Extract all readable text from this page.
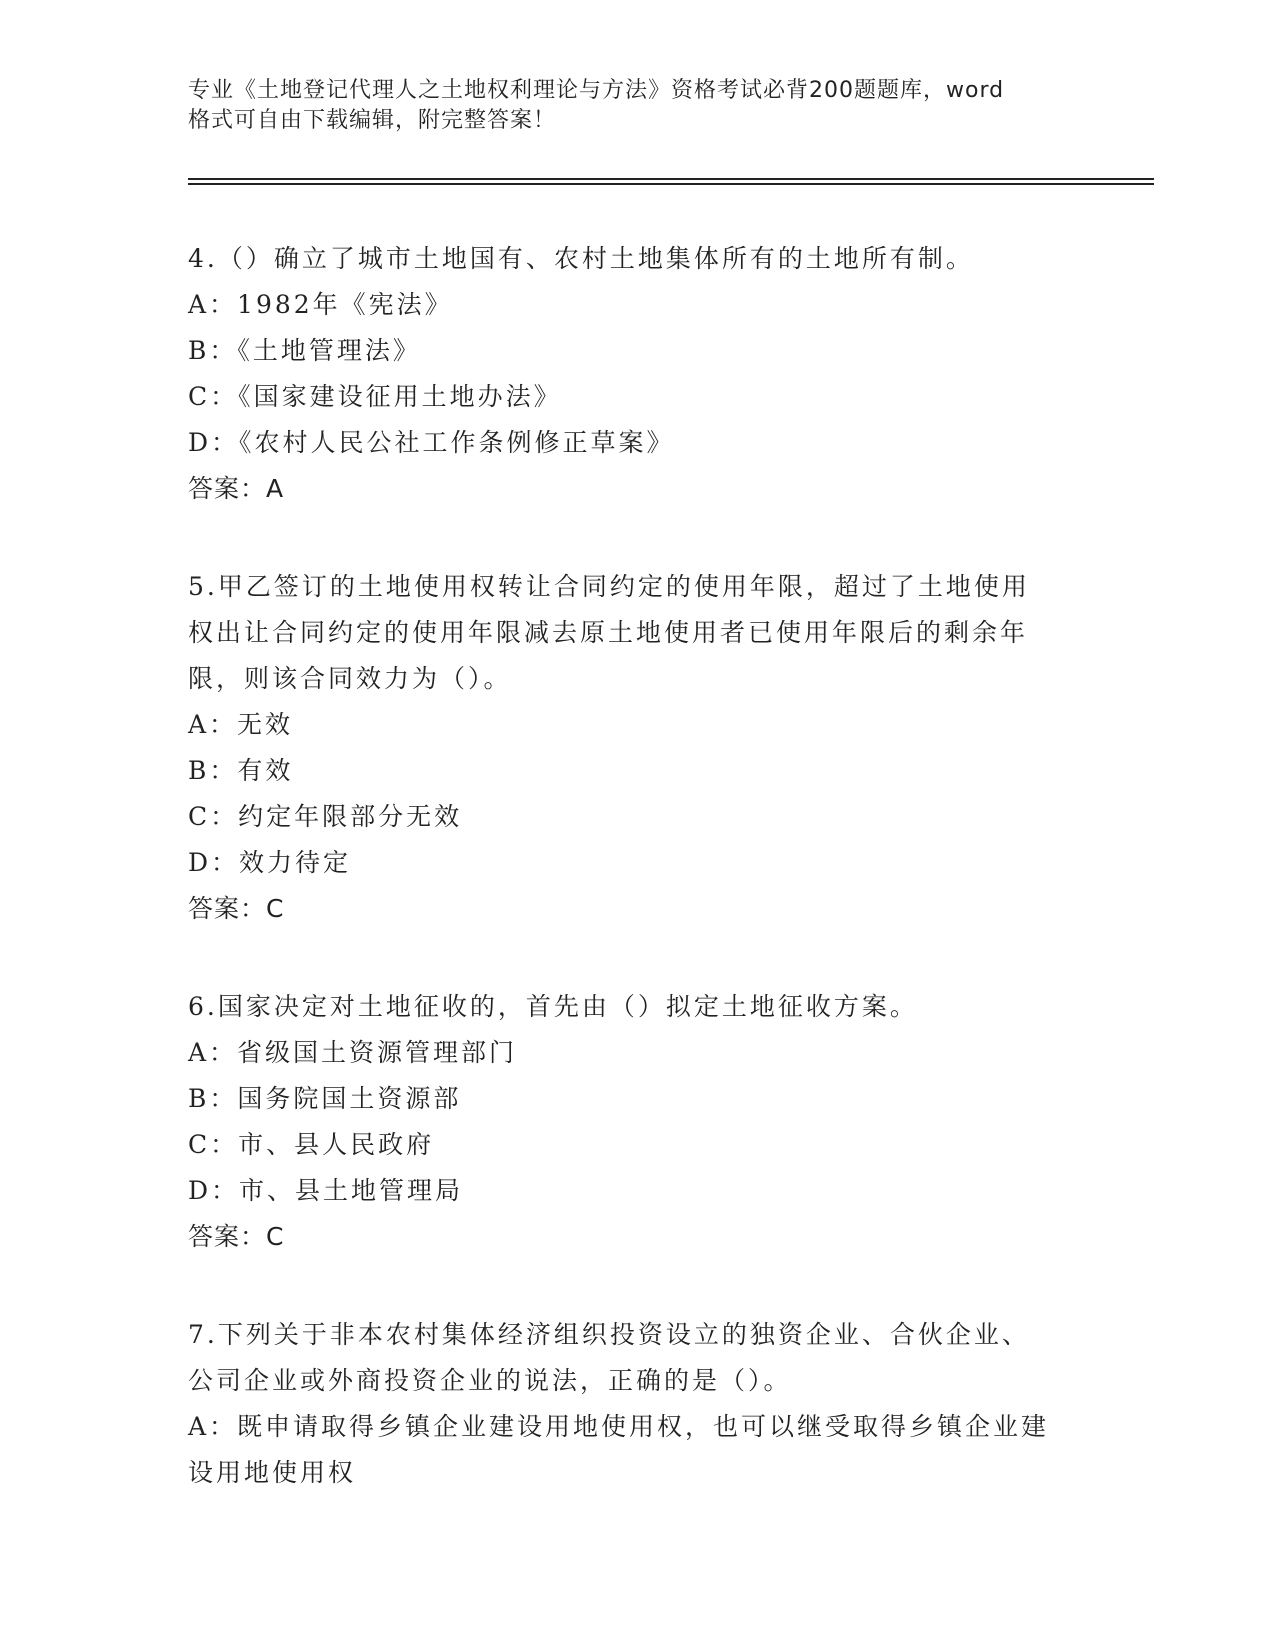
专业《土地登记代理人之土地权利理论与方法》资格考试必背200题题库，word
格式可自由下载编辑，附完整答案！
4.（）确立了城市土地国有、农村土地集体所有的土地所有制。
A：1982年《宪法》
B：《土地管理法》
C：《国家建设征用土地办法》
D：《农村人民公社工作条例修正草案》
答案：A
5.甲乙签订的土地使用权转让合同约定的使用年限，超过了土地使用
权出让合同约定的使用年限减去原土地使用者已使用年限后的剩余年
限，则该合同效力为（）。
A：无效
B：有效
C：约定年限部分无效
D：效力待定
答案：C
6.国家决定对土地征收的，首先由（）拟定土地征收方案。
A：省级国土资源管理部门
B：国务院国土资源部
C：市、县人民政府
D：市、县土地管理局
答案：C
7.下列关于非本农村集体经济组织投资设立的独资企业、合伙企业、
公司企业或外商投资企业的说法，正确的是（）。
A：既申请取得乡镇企业建设用地使用权，也可以继受取得乡镇企业建
设用地使用权
